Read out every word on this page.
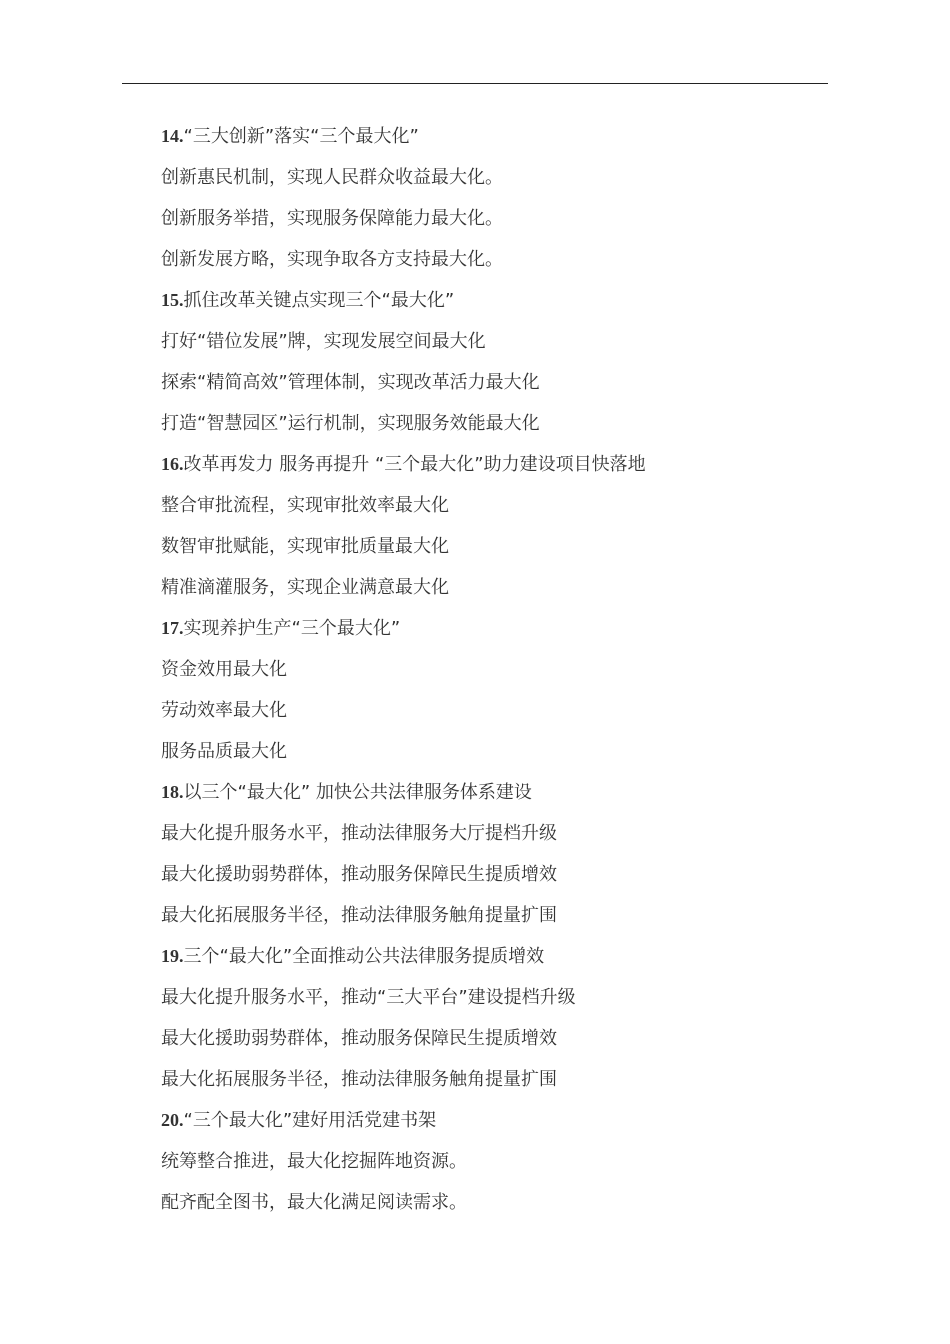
14.“三大创新”落实“三个最大化”
创新惠民机制，实现人民群众收益最大化。
创新服务举措，实现服务保障能力最大化。
创新发展方略，实现争取各方支持最大化。
15.抓住改革关键点实现三个“最大化”
打好“错位发展”牌，实现发展空间最大化
探索“精简高效”管理体制，实现改革活力最大化
打造“智慧园区”运行机制，实现服务效能最大化
16.改革再发力 服务再提升 “三个最大化”助力建设项目快落地
整合审批流程，实现审批效率最大化
数智审批赋能，实现审批质量最大化
精准滴灌服务，实现企业满意最大化
17.实现养护生产“三个最大化”
资金效用最大化
劳动效率最大化
服务品质最大化
18.以三个“最大化” 加快公共法律服务体系建设
最大化提升服务水平，推动法律服务大厅提档升级
最大化援助弱势群体，推动服务保障民生提质增效
最大化拓展服务半径，推动法律服务触角提量扩围
19.三个“最大化”全面推动公共法律服务提质增效
最大化提升服务水平，推动“三大平台”建设提档升级
最大化援助弱势群体，推动服务保障民生提质增效
最大化拓展服务半径，推动法律服务触角提量扩围
20.“三个最大化”建好用活党建书架
统筹整合推进，最大化挖掘阵地资源。
配齐配全图书，最大化满足阅读需求。
